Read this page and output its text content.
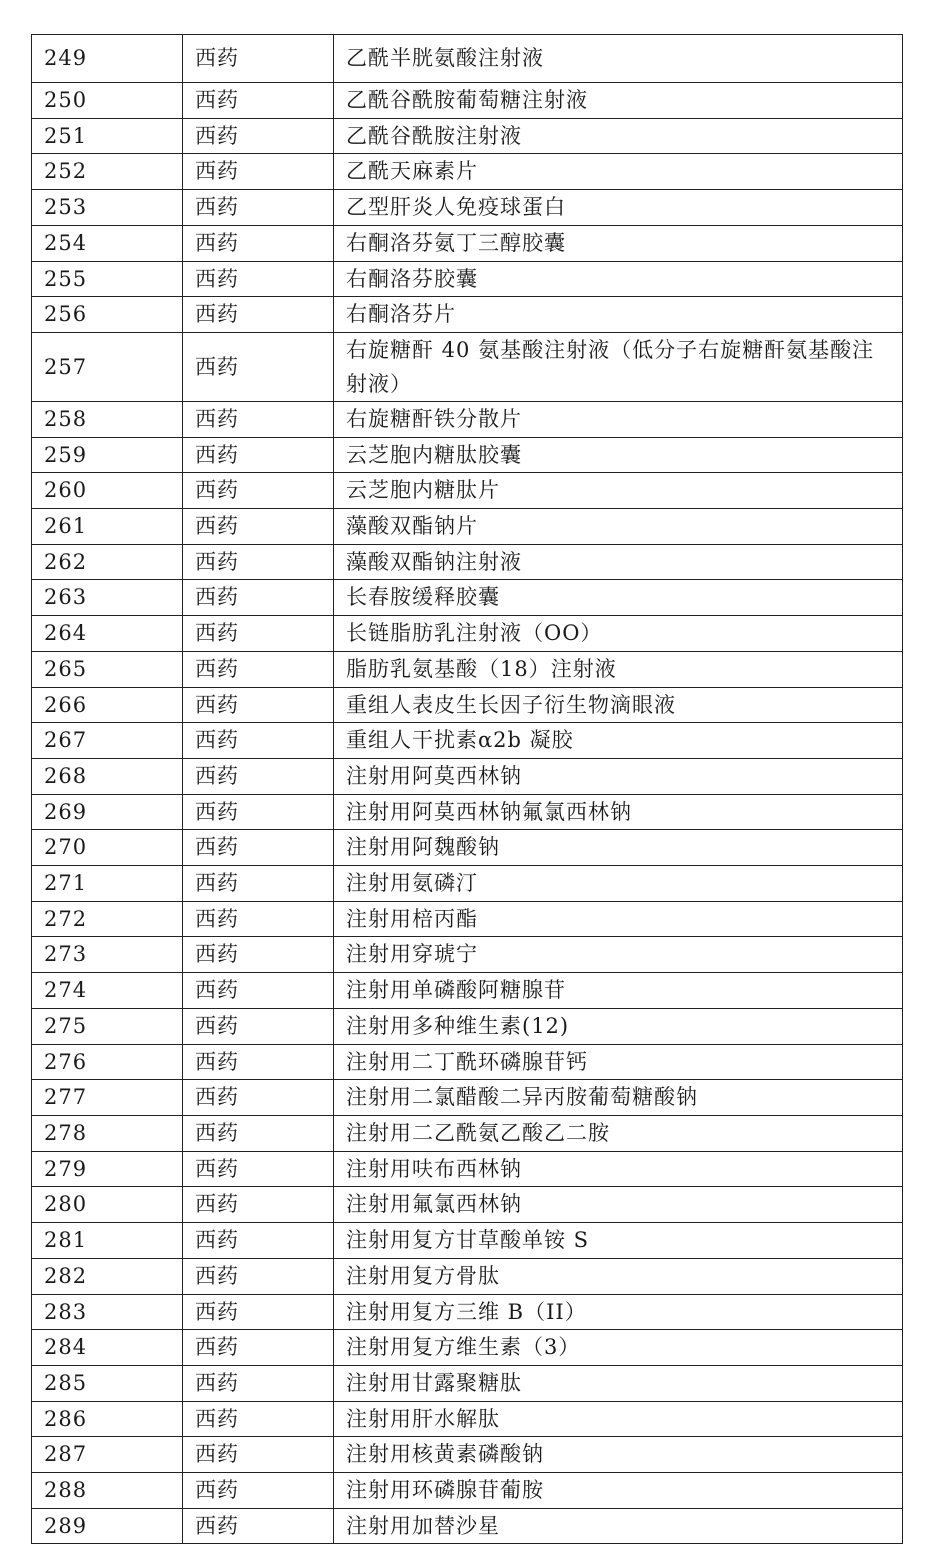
249	西药	乙酰半胱氨酸注射液
250	西药	乙酰谷酰胺葡萄糖注射液
251	西药	乙酰谷酰胺注射液
252	西药	乙酰天麻素片
253	西药	乙型肝炎人免疫球蛋白
254	西药	右酮洛芬氨丁三醇胶囊
255	西药	右酮洛芬胶囊
256	西药	右酮洛芬片
257	西药	右旋糖酐 40 氨基酸注射液（低分子右旋糖酐氨基酸注射液）
258	西药	右旋糖酐铁分散片
259	西药	云芝胞内糖肽胶囊
260	西药	云芝胞内糖肽片
261	西药	藻酸双酯钠片
262	西药	藻酸双酯钠注射液
263	西药	长春胺缓释胶囊
264	西药	长链脂肪乳注射液（OO）
265	西药	脂肪乳氨基酸（18）注射液
266	西药	重组人表皮生长因子衍生物滴眼液
267	西药	重组人干扰素α2b 凝胶
268	西药	注射用阿莫西林钠
269	西药	注射用阿莫西林钠氟氯西林钠
270	西药	注射用阿魏酸钠
271	西药	注射用氨磷汀
272	西药	注射用棓丙酯
273	西药	注射用穿琥宁
274	西药	注射用单磷酸阿糖腺苷
275	西药	注射用多种维生素(12)
276	西药	注射用二丁酰环磷腺苷钙
277	西药	注射用二氯醋酸二异丙胺葡萄糖酸钠
278	西药	注射用二乙酰氨乙酸乙二胺
279	西药	注射用呋布西林钠
280	西药	注射用氟氯西林钠
281	西药	注射用复方甘草酸单铵 S
282	西药	注射用复方骨肽
283	西药	注射用复方三维 B（II）
284	西药	注射用复方维生素（3）
285	西药	注射用甘露聚糖肽
286	西药	注射用肝水解肽
287	西药	注射用核黄素磷酸钠
288	西药	注射用环磷腺苷葡胺
289	西药	注射用加替沙星
